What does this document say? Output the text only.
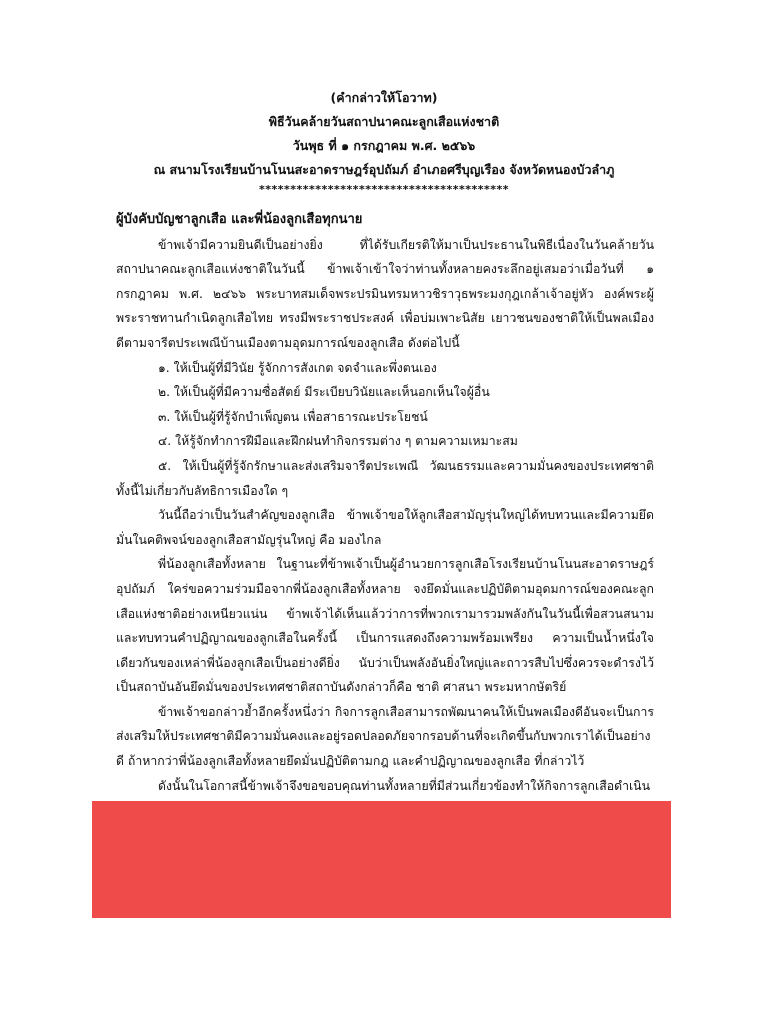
(คำกล่าวให้โอวาท)
พิธีวันคล้ายวันสถาปนาคณะลูกเสือแห่งชาติ
วันพุธ ที่ ๑ กรกฎาคม พ.ศ. ๒๕๖๖
ณ สนามโรงเรียนบ้านโนนสะอาดราษฎร์อุปถัมภ์ อำเภอศรีบุญเรือง จังหวัดหนองบัวลำภู
****************************************
ผู้บังคับบัญชาลูกเสือ และพี่น้องลูกเสือทุกนาย

ข้าพเจ้ามีความยินดีเป็นอย่างยิ่ง ที่ได้รับเกียรติให้มาเป็นประธานในพิธีเนื่องในวันคล้ายวันสถาปนาคณะลูกเสือแห่งชาติในวันนี้ ข้าพเจ้าเข้าใจว่าท่านทั้งหลายคงระลึกอยู่เสมอว่าเมื่อวันที่ ๑ กรกฎาคม พ.ศ. ๒๔๖๖ พระบาทสมเด็จพระปรมินทรมหาวชิราวุธพระมงกุฎเกล้าเจ้าอยู่หัว องค์พระผู้พระราชทานกำเนิดลูกเสือไทย ทรงมีพระราชประสงค์ เพื่อบ่มเพาะนิสัย เยาวชนของชาติให้เป็นพลเมืองดีตามจารีตประเพณีบ้านเมืองตามอุดมการณ์ของลูกเสือ ดังต่อไปนี้

๑. ให้เป็นผู้ที่มีวินัย รู้จักการสังเกต จดจำและพึ่งตนเอง

๒. ให้เป็นผู้ที่มีความซื่อสัตย์ มีระเบียบวินัยและเห็นอกเห็นใจผู้อื่น

๓. ให้เป็นผู้ที่รู้จักบำเพ็ญตน เพื่อสาธารณะประโยชน์

๔. ให้รู้จักทำการฝีมือและฝึกฝนทำกิจกรรมต่าง ๆ ตามความเหมาะสม

๕. ให้เป็นผู้ที่รู้จักรักษาและส่งเสริมจารีตประเพณี วัฒนธรรมและความมั่นคงของประเทศชาติ ทั้งนี้ไม่เกี่ยวกับลัทธิการเมืองใด ๆ

วันนี้ถือว่าเป็นวันสำคัญของลูกเสือ ข้าพเจ้าขอให้ลูกเสือสามัญรุ่นใหญ่ได้ทบทวนและมีความยึดมั่นในคติพจน์ของลูกเสือสามัญรุ่นใหญ่ คือ มองไกล

พี่น้องลูกเสือทั้งหลาย ในฐานะที่ข้าพเจ้าเป็นผู้อำนวยการลูกเสือโรงเรียนบ้านโนนสะอาดราษฎร์อุปถัมภ์ ใคร่ขอความร่วมมือจากพี่น้องลูกเสือทั้งหลาย จงยึดมั่นและปฏิบัติตามอุดมการณ์ของคณะลูกเสือแห่งชาติอย่างเหนียวแน่น ข้าพเจ้าได้เห็นแล้วว่าการที่พวกเรามารวมพลังกันในวันนี้เพื่อสวนสนามและทบทวนคำปฏิญาณของลูกเสือในครั้งนี้ เป็นการแสดงถึงความพร้อมเพรียง ความเป็นน้ำหนึ่งใจเดียวกันของเหล่าพี่น้องลูกเสือเป็นอย่างดียิ่ง นับว่าเป็นพลังอันยิ่งใหญ่และถาวรสืบไปซึ่งควรจะดำรงไว้เป็นสถาบันอันยึดมั่นของประเทศชาติสถาบันดังกล่าวก็คือ ชาติ ศาสนา พระมหากษัตริย์

ข้าพเจ้าขอกล่าวย้ำอีกครั้งหนึ่งว่า กิจการลูกเสือสามารถพัฒนาคนให้เป็นพลเมืองดีอันจะเป็นการส่งเสริมให้ประเทศชาติมีความมั่นคงและอยู่รอดปลอดภัยจากรอบด้านที่จะเกิดขึ้นกับพวกเราได้เป็นอย่างดี ถ้าหากว่าพี่น้องลูกเสือทั้งหลายยึดมั่นปฏิบัติตามกฎ และคำปฏิญาณของลูกเสือ ที่กล่าวไว้

ดังนั้นในโอกาสนี้ข้าพเจ้าจึงขอขอบคุณท่านทั้งหลายที่มีส่วนเกี่ยวข้องทำให้กิจการลูกเสือดำเนิน
